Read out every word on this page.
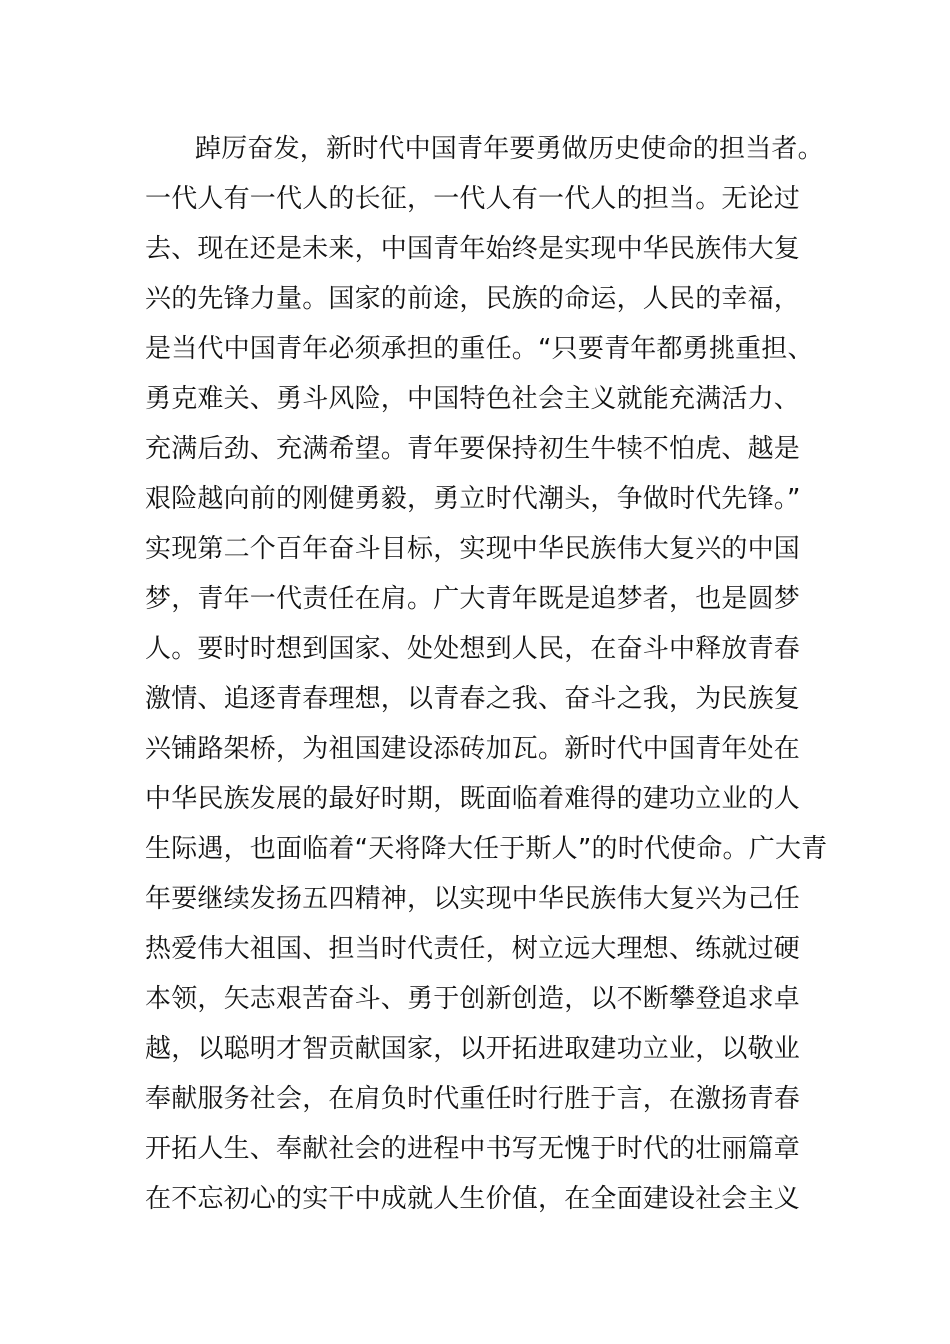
踔厉奋发，新时代中国青年要勇做历史使命的担当者。
一代人有一代人的长征，一代人有一代人的担当。无论过
去、现在还是未来，中国青年始终是实现中华民族伟大复
兴的先锋力量。国家的前途，民族的命运，人民的幸福，
是当代中国青年必须承担的重任。“只要青年都勇挑重担、
勇克难关、勇斗风险，中国特色社会主义就能充满活力、
充满后劲、充满希望。青年要保持初生牛犊不怕虎、越是
艰险越向前的刚健勇毅，勇立时代潮头，争做时代先锋。”
实现第二个百年奋斗目标，实现中华民族伟大复兴的中国
梦，青年一代责任在肩。广大青年既是追梦者，也是圆梦
人。要时时想到国家、处处想到人民，在奋斗中释放青春
激情、追逐青春理想，以青春之我、奋斗之我，为民族复
兴铺路架桥，为祖国建设添砖加瓦。新时代中国青年处在
中华民族发展的最好时期，既面临着难得的建功立业的人
生际遇，也面临着“天将降大任于斯人”的时代使命。广大青
年要继续发扬五四精神，以实现中华民族伟大复兴为己任
热爱伟大祖国、担当时代责任，树立远大理想、练就过硬
本领，矢志艰苦奋斗、勇于创新创造，以不断攀登追求卓
越，以聪明才智贡献国家，以开拓进取建功立业，以敬业
奉献服务社会，在肩负时代重任时行胜于言，在激扬青春
开拓人生、奉献社会的进程中书写无愧于时代的壮丽篇章
在不忘初心的实干中成就人生价值，在全面建设社会主义
